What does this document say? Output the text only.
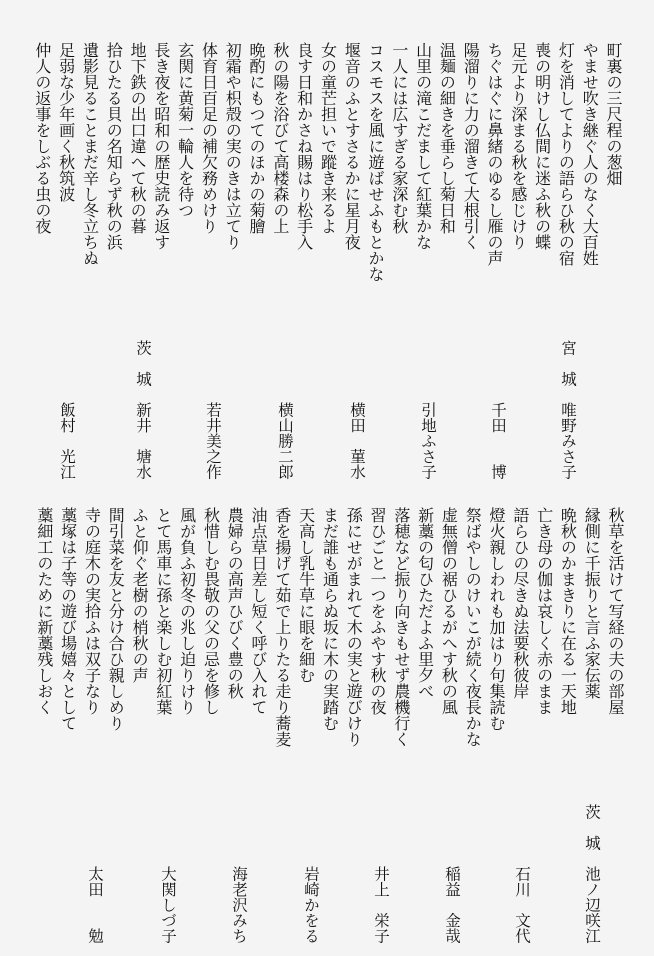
町裏の三尺程の葱畑
やませ吹き継ぐ人のなく大百姓
灯を消してよりの語らひ秋の宿
喪の明けし仏間に迷ふ秋の蝶
足元より深まる秋を感じけり
ちぐはぐに鼻緒のゆるし雁の声
陽溜りに力の溜きて大根引く
温麺の細きを垂らし菊日和
山里の滝こだまして紅葉かな
一人には広すぎる家深む秋
コスモスを風に遊ばせふもとかな
堰音のふとすさるかに星月夜
女の童芒担いで蹤き来るよ
良す日和かさね賜はり松手入
秋の陽を浴びて高楼森の上
晩酌にもつてのほかの菊膾
初霜や枳殻の実のきは立てり
体育日百足の補欠務めけり
玄関に黄菊一輪人を待つ
長き夜を昭和の歴史読み返す
地下鉄の出口違へて秋の暮
拾ひたる貝の名知らず秋の浜
遺影見ることまだ辛し冬立ちぬ
足弱な少年画く秋筑波
仲人の返事をしぶる虫の夜
宮城唯野みさ子
千田　　博
引地ふさ子
横田　菫水
横山勝二郎
若井美之作
茨城新井　塘水
飯村　光江
秋草を活けて写経の夫の部屋
縁側に千振りと言ふ家伝薬
晩秋のかまきりに在る一天地
亡き母の伽は哀しく赤のまま
語らひの尽きぬ法要秋彼岸
燈火親しわれも加はり句集読む
祭ばやしのけいこが続く夜長かな
虚無僧の裾ひるがへす秋の風
新藁の匂ひただよふ里夕べ
落穂など振り向きもせず農機行く
習ひごと一つをふやす秋の夜
孫にせがまれて木の実と遊びけり
まだ誰も通らぬ坂に木の実踏む
天高し乳牛草に眼を細む
香を揚げて茹で上りたる走り蕎麦
油点草日差し短く呼び入れて
農婦らの高声ひびく豊の秋
秋惜しむ畏敬の父の忌を修し
風が負ふ初冬の兆し迫りけり
とて馬車に孫と楽しむ初紅葉
ふと仰ぐ老樹の梢秋の声
間引菜を友と分け合ひ親しめり
寺の庭木の実拾ふは双子なり
藁塚は子等の遊び場嬉々として
藁細工のために新藁残しおく
茨城池ノ辺咲江
石川　文代
稲益　金哉
井上　栄子
岩崎かをる
海老沢みち
大関しづ子
太田　　勉
